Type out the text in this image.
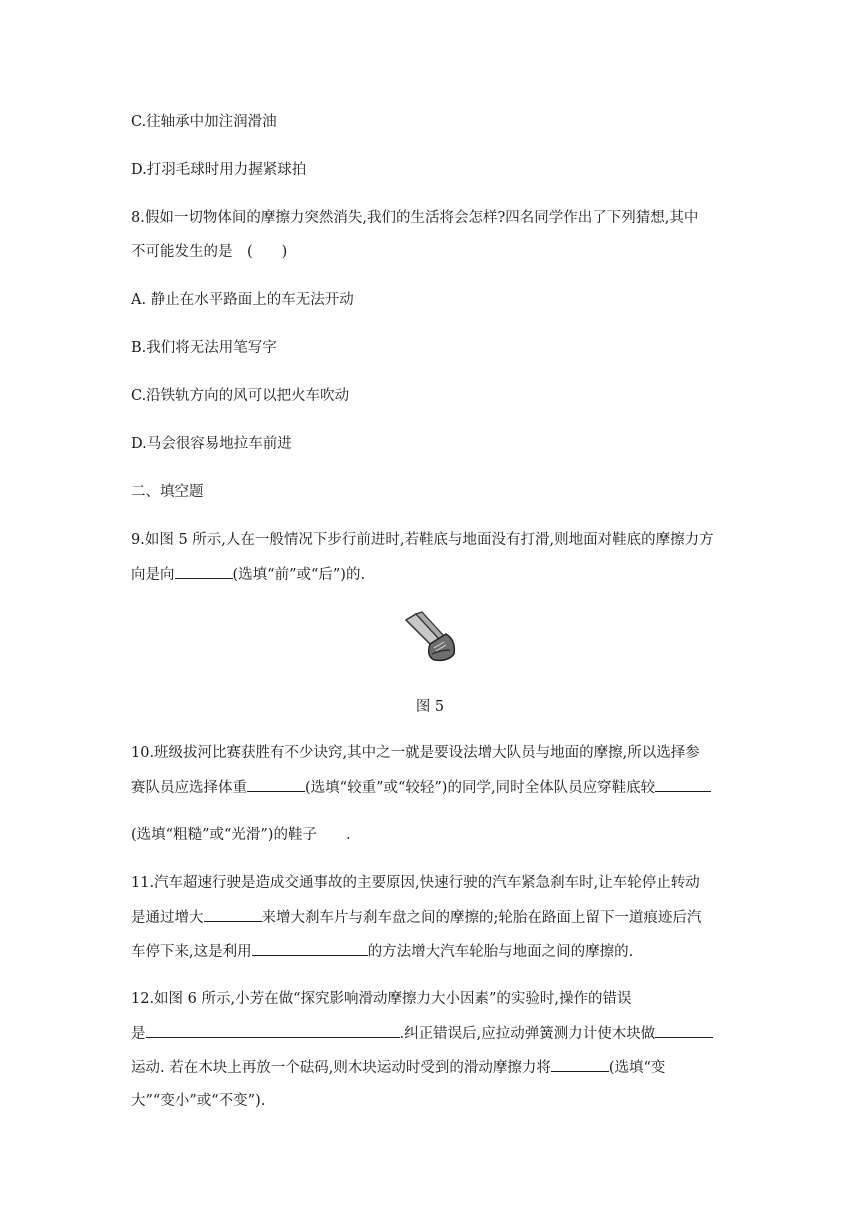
C.往轴承中加注润滑油
D.打羽毛球时用力握紧球拍
8.假如一切物体间的摩擦力突然消失,我们的生活将会怎样?四名同学作出了下列猜想,其中
不可能发生的是　(　　)
A. 静止在水平路面上的车无法开动
B.我们将无法用笔写字
C.沿铁轨方向的风可以把火车吹动
D.马会很容易地拉车前进
二、填空题
9.如图 5 所示,人在一般情况下步行前进时,若鞋底与地面没有打滑,则地面对鞋底的摩擦力方
向是向	(选填“前”或“后”)的.
图 5
10.班级拔河比赛获胜有不少诀窍,其中之一就是要设法增大队员与地面的摩擦,所以选择参
赛队员应选择体重	(选填“较重”或“较轻”)的同学,同时全体队员应穿鞋底较
(选填“粗糙”或“光滑”)的鞋子　　.
11.汽车超速行驶是造成交通事故的主要原因,快速行驶的汽车紧急刹车时,让车轮停止转动
是通过增大	来增大刹车片与刹车盘之间的摩擦的;轮胎在路面上留下一道痕迹后汽
车停下来,这是利用	的方法增大汽车轮胎与地面之间的摩擦的.
12.如图 6 所示,小芳在做“探究影响滑动摩擦力大小因素”的实验时,操作的错误
是	.纠正错误后,应拉动弹簧测力计使木块做
运动. 若在木块上再放一个砝码,则木块运动时受到的滑动摩擦力将	(选填“变
大”“变小”或“不变”).
